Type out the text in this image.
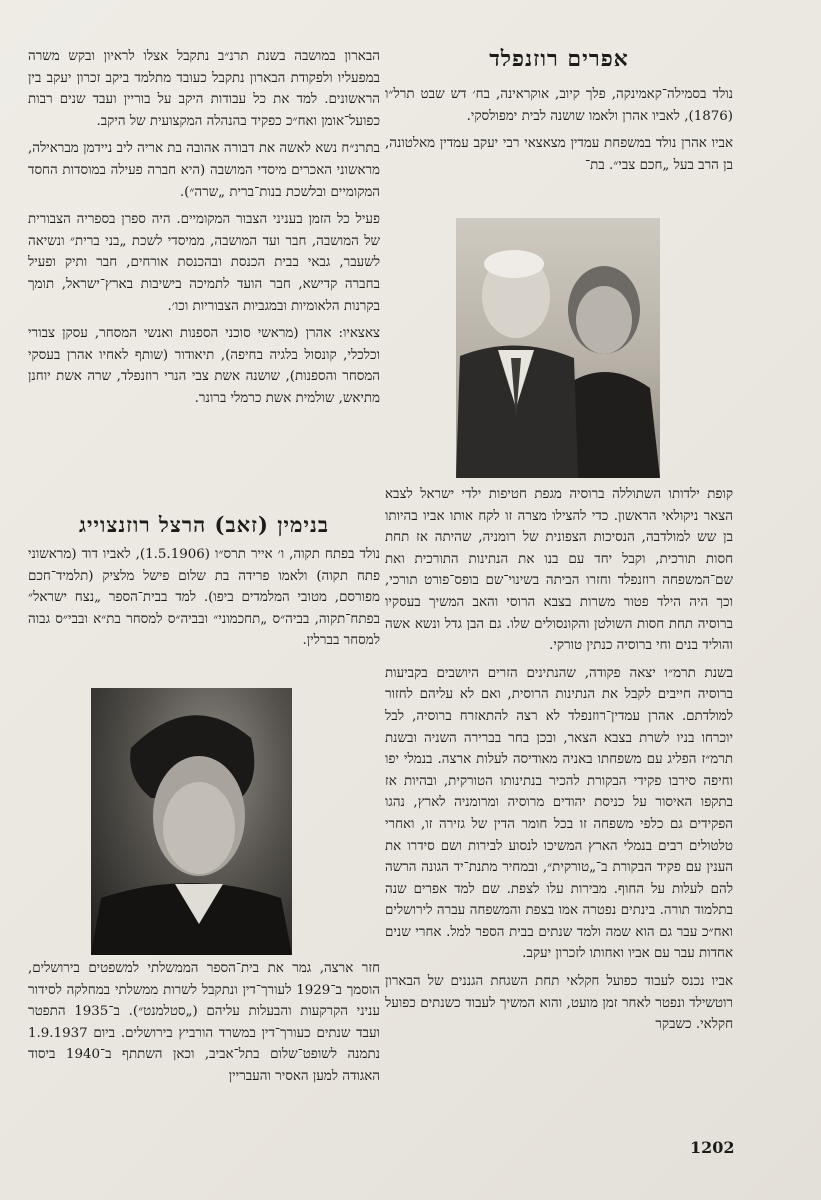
אפרים רוזנפלד

נולד בסמילה־קאמינקה, פלך קיוב, אוקראינה, בח׳ דש שבט תרל״ו (1876), לאביו אהרן ולאמו שושנה לבית ימפולסקי.

אביו אהרן נולד במשפחת עמדין מצאצאי רבי יעקב עמדין מאלטונה, בן הרב בעל „חכם צבי״. בת־

קופת ילדותו השתוללה ברוסיה מגפת חטיפות ילדי ישראל לצבא הצאר ניקולאי הראשון. כדי להצילו מצרה זו לקח אותו אביו בהיותו בן שש למולדבה, הנסיכות הצפונית של רומניה, שהיתה אז תחת חסות תורכית, וקבל יחד עם בנו את הנתינות התורכית ואת שם־המשפחה רוזנפלד וחזרו הביתה בשינוי־שם בופס־פורט תורכי, וכך היה הילד פטור משרות בצבא הרוסי והאב המשיך בעסקיו ברוסיה תחת חסות השולטן והקונסולים שלו. גם הבן גדל ונשא אשה והוליד בנים וחי ברוסיה כנתין טורקי.

בשנת תרמ״ו יצאה פקודה, שהנתינים הזרים היושבים בקביעות ברוסיה חייבים לקבל את הנתינות הרוסית, ואם לא עליהם לחזור למולדתם. אהרן עמדין־רוזנפלד לא רצה להתאזרח ברוסיה, לבל יוכרחו בניו לשרת בצבא הצאר, ובכן בחר בברירה השניה ובשנת תרמ״ז הפליג עם משפחתו באניה מאודיסה לעלות ארצה. בנמלי יפו וחיפה סירבו פקידי הבקורת להכיר בנתינותו הטורקית, ובהיות אז בתקפו האיסור על כניסת יהודים מרוסיה ומרומניה לארץ, נהגו הפקידים גם כלפי משפחה זו בכל חומר הדין של גזירה זו, ואחרי טלטולים רבים בנמלי הארץ המשיכו לנסוע לבירות ושם סידרו את הענין עם פקיד הבקורת ב־„טורקית״, ובמחיר מתנת־יד הגונה הרשה להם לעלות על החוף. מבירות עלו לצפת. שם למד אפרים שנה בתלמוד תורה. בינתים נפטרה אמו בצפת והמשפחה עברה לירושלים ואח״כ עבר גם הוא שמה ולמד שנתים בבית הספר למל. אחרי שנים אחדות עבר עם אביו ואחותו לזכרון יעקב.

אביו נכנס לעבוד כפועל חקלאי תחת השגחת הגננים של הבארון רוטשילד ונפטר לאחר זמן מועט, והוא המשיך לעבוד כשנתים כפועל חקלאי. כשבקר

הבארון במושבה בשנת תרנ״ב נתקבל אצלו לראיון ובקש משרה במפעליו ולפקודת הבארון נתקבל כעובד מתלמד ביקב זכרון יעקב בין הראשונים. למד את כל עבודות היקב על בוריין ועבד שנים רבות כפועל־אומן ואח״כ כפקיד בהנהלה המקצועית של היקב.

בתרנ״ח נשא לאשה את דבורה אהובה בת אריה ליב ניידמן מבראילה, מראשוני האכרים מיסדי המושבה (היא חברה פעילה במוסדות החסד המקומיים ובלשכת בנות־ברית „שרה״).

פעיל כל הזמן בעניני הצבור המקומיים. היה ספרן בספריה הצבורית של המושבה, חבר ועד המושבה, ממיסדי לשכת „בני ברית״ ונשיאה לשעבר, גבאי בבית הכנסת ובהכנסת אורחים, חבר ותיק ופעיל בחברה קדישא, חבר הועד לתמיכה בישיבות בארץ־ישראל, תומך בקרנות הלאומיות ובמגביות הצבוריות וכו׳.

צאצאיו: אהרן (מראשי סוכני הספנות ואנשי המסחר, עסקן צבורי וכלכלי, קונסול בלגיה בחיפה), תיאודור (שותף לאחיו אהרן בעסקי המסחר והספנות), שושנה אשת צבי הנרי רוזנפלד, שרה אשת יוחנן מתיאש, שולמית אשת כרמלי ברונר.

בנימין (זאב) הרצל רוזנצוייג

נולד בפתח תקוה, ו׳ אייר תרס״ו (1.5.1906), לאביו דוד (מראשוני פתח תקוה) ולאמו פרידה בת שלום פישל מלציק (תלמיד־חכם מפורסם, מטובי המלמדים ביפו). למד בבית־הספר „נצח ישראל״ בפתח־תקוה, בביה״ס „תחכמוני״ ובביה״ס למסחר בת״א ובבי״ס גבוה למסחר בברלין.

חזר ארצה, גמר את בית־הספר הממשלתי למשפטים בירושלים, הוסמך ב־1929 לעורך־דין ונתקבל לשרות ממשלתי במחלקה לסידור עניני הקרקעות והבעלות עליהם („סטלמנט״). ב־1935 התפטר ועבד שנתים כעורך־דין במשרד הורביץ בירושלים. ביום 1.9.1937 נתמנה לשופט־שלום בתל־אביב, וכאן השתתף ב־1940 ביסוד האגודה למען האסיר והעבריין

1202
